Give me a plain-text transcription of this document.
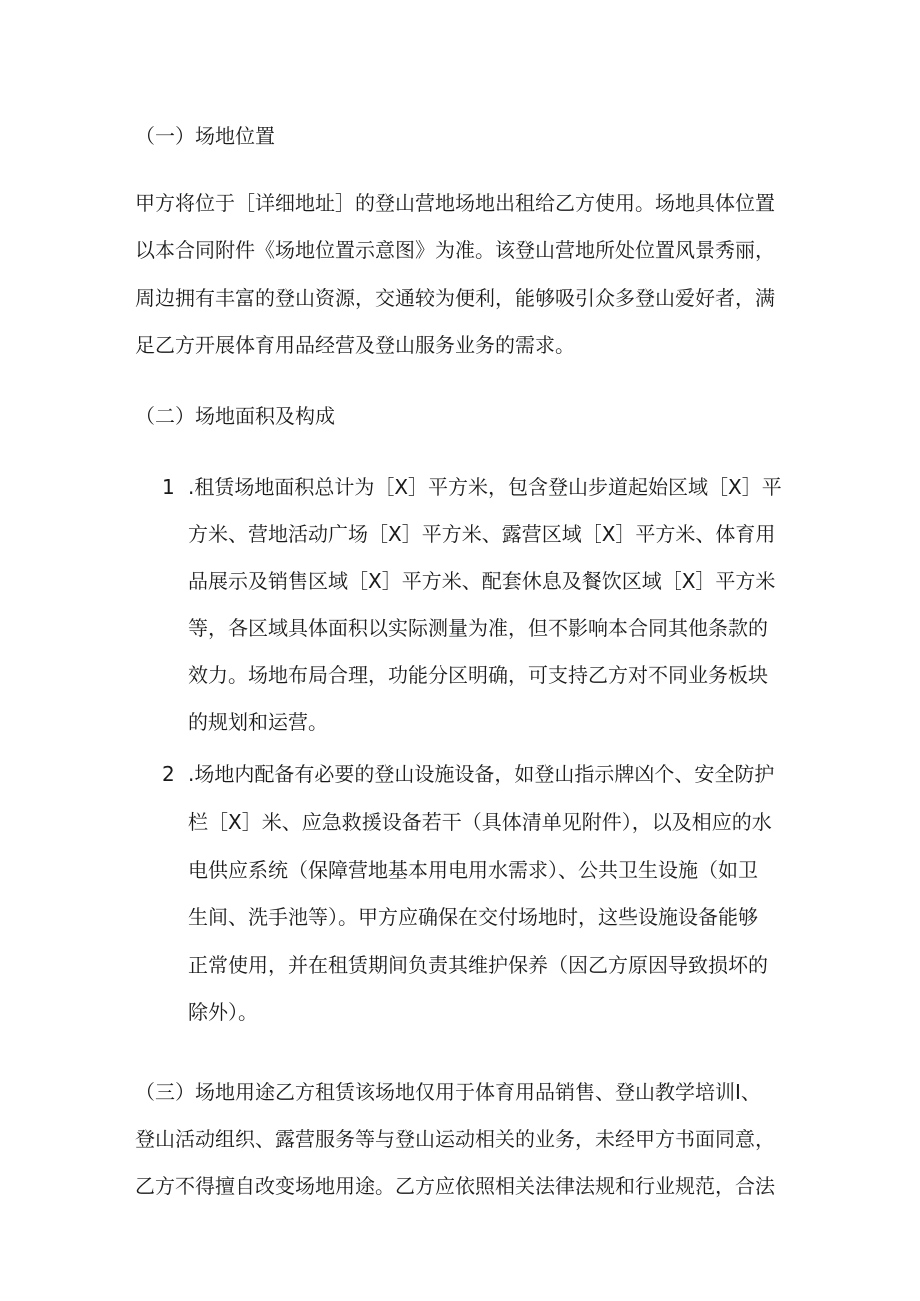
（一）场地位置
甲方将位于［详细地址］的登山营地场地出租给乙方使用。场地具体位置
以本合同附件《场地位置示意图》为准。该登山营地所处位置风景秀丽，
周边拥有丰富的登山资源，交通较为便利，能够吸引众多登山爱好者，满
足乙方开展体育用品经营及登山服务业务的需求。
（二）场地面积及构成
1 .租赁场地面积总计为［X］平方米，包含登山步道起始区域［X］平
方米、营地活动广场［X］平方米、露营区域［X］平方米、体育用
品展示及销售区域［X］平方米、配套休息及餐饮区域［X］平方米
等，各区域具体面积以实际测量为准，但不影响本合同其他条款的
效力。场地布局合理，功能分区明确，可支持乙方对不同业务板块
的规划和运营。
2 .场地内配备有必要的登山设施设备，如登山指示牌凶个、安全防护
栏［X］米、应急救援设备若干（具体清单见附件），以及相应的水
电供应系统（保障营地基本用电用水需求）、公共卫生设施（如卫
生间、洗手池等）。甲方应确保在交付场地时，这些设施设备能够
正常使用，并在租赁期间负责其维护保养（因乙方原因导致损坏的
除外）。
（三）场地用途乙方租赁该场地仅用于体育用品销售、登山教学培训I、
登山活动组织、露营服务等与登山运动相关的业务，未经甲方书面同意，
乙方不得擅自改变场地用途。乙方应依照相关法律法规和行业规范，合法
